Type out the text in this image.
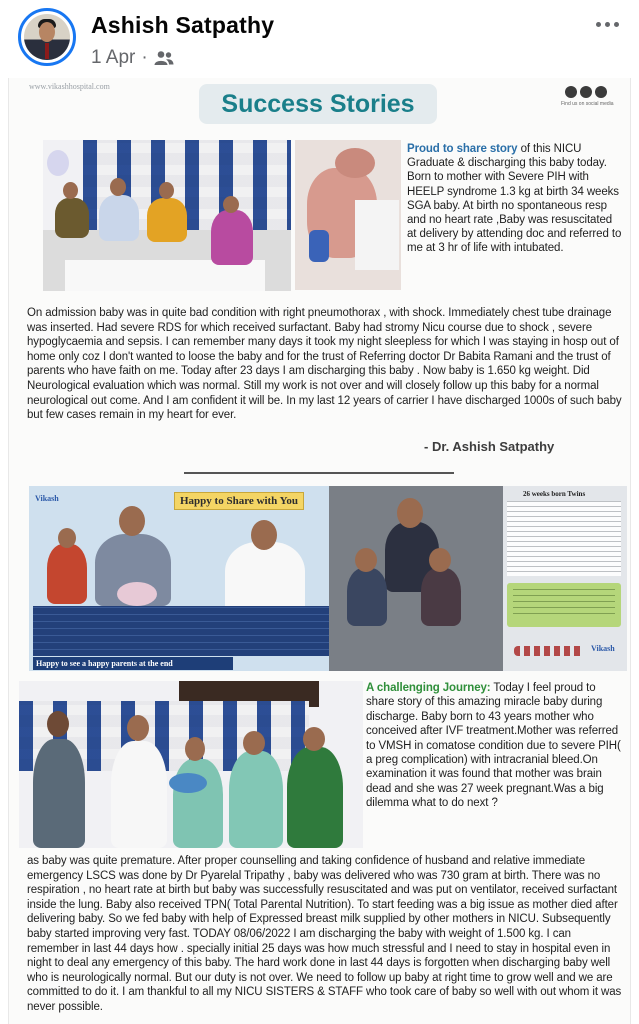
Ashish Satpathy
1 Apr ·
www.vikashhospital.com
Success Stories	Find us on social media
Proud to share story of this NICU Graduate & discharging this baby today. Born to mother with Severe PIH with HEELP syndrome 1.3 kg at birth 34 weeks SGA baby. At birth no spontaneous resp and no heart rate ,Baby was resuscitated at delivery by attending doc and referred to me at 3 hr of life with intubated.
On admission baby was in quite bad condition with right pneumothorax , with shock. Immediately chest tube drainage was inserted. Had severe RDS for which received surfactant. Baby had stromy Nicu course due to shock , severe hypoglycaemia and sepsis. I can remember many days it took my night sleepless for which I was staying in hosp out of home only coz I don't wanted to loose the baby and for the trust of Referring doctor Dr Babita Ramani and the trust of parents who have faith on me. Today after 23 days I am discharging this baby . Now baby is 1.650 kg weight. Did Neurological evaluation which was normal. Still my work is not over and will closely follow up this baby for a normal neurological out come. And I am confident it will be. In my last 12 years of carrier I have discharged 1000s of such baby but few cases remain in my heart for ever.
- Dr. Ashish Satpathy
Vikash	Happy to Share with You
Happy to see a happy parents at the end
26 weeks born Twins
Vikash
A challenging Journey: Today I feel proud to share story of this amazing miracle baby during discharge. Baby born to 43 years mother who conceived after IVF treatment.Mother was referred to VMSH in comatose condition due to severe PIH( a preg complication) with intracranial bleed.On examination it was found that mother was brain dead and she was 27 week pregnant.Was a big dilemma what to do next ?
as baby was quite premature. After proper counselling and taking confidence of husband and relative immediate emergency LSCS was done by Dr Pyarelal Tripathy , baby was delivered who was 730 gram at birth. There was no respiration , no heart rate at birth but baby was successfully resuscitated and was put on ventilator, received surfactant inside the lung. Baby also received TPN( Total Parental Nutrition). To start feeding was a big issue as mother died after delivering baby. So we fed baby with help of Expressed breast milk supplied by other mothers in NICU. Subsequently baby started improving very fast. TODAY 08/06/2022 I am discharging the baby with weight of 1.500 kg. I can remember in last 44 days how . specially initial 25 days was how much stressful and I need to stay in hospital even in night to deal any emergency of this baby. The hard work done in last 44 days is forgotten when discharging baby well who is neurologically normal. But our duty is not over. We need to follow up baby at right time to grow well and we are committed to do it. I am thankful to all my NICU SISTERS & STAFF who took care of baby so well with out whom it was never possible.
